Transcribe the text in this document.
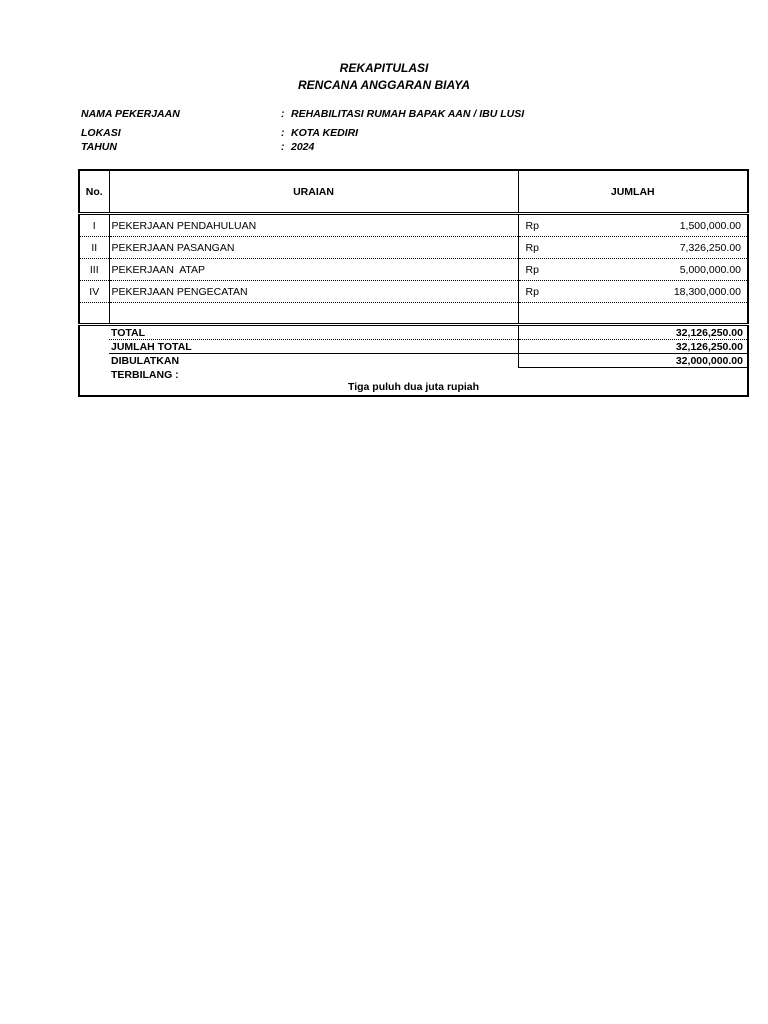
REKAPITULASI
RENCANA ANGGARAN BIAYA
NAMA PEKERJAAN	: REHABILITASI RUMAH BAPAK AAN / IBU LUSI
LOKASI	: KOTA KEDIRI
TAHUN	: 2024
No.	URAIAN	JUMLAH
I	PEKERJAAN PENDAHULUAN	Rp 1,500,000.00

II	PEKERJAAN PASANGAN	Rp 7,326,250.00

III	PEKERJAAN  ATAP	Rp 5,000,000.00

IV	PEKERJAAN PENGECATAN	Rp 18,300,000.00

	TOTAL	32,126,250.00
	JUMLAH TOTAL	32,126,250.00
	DIBULATKAN	32,000,000.00
	TERBILANG :	
Tiga puluh dua juta rupiah		
